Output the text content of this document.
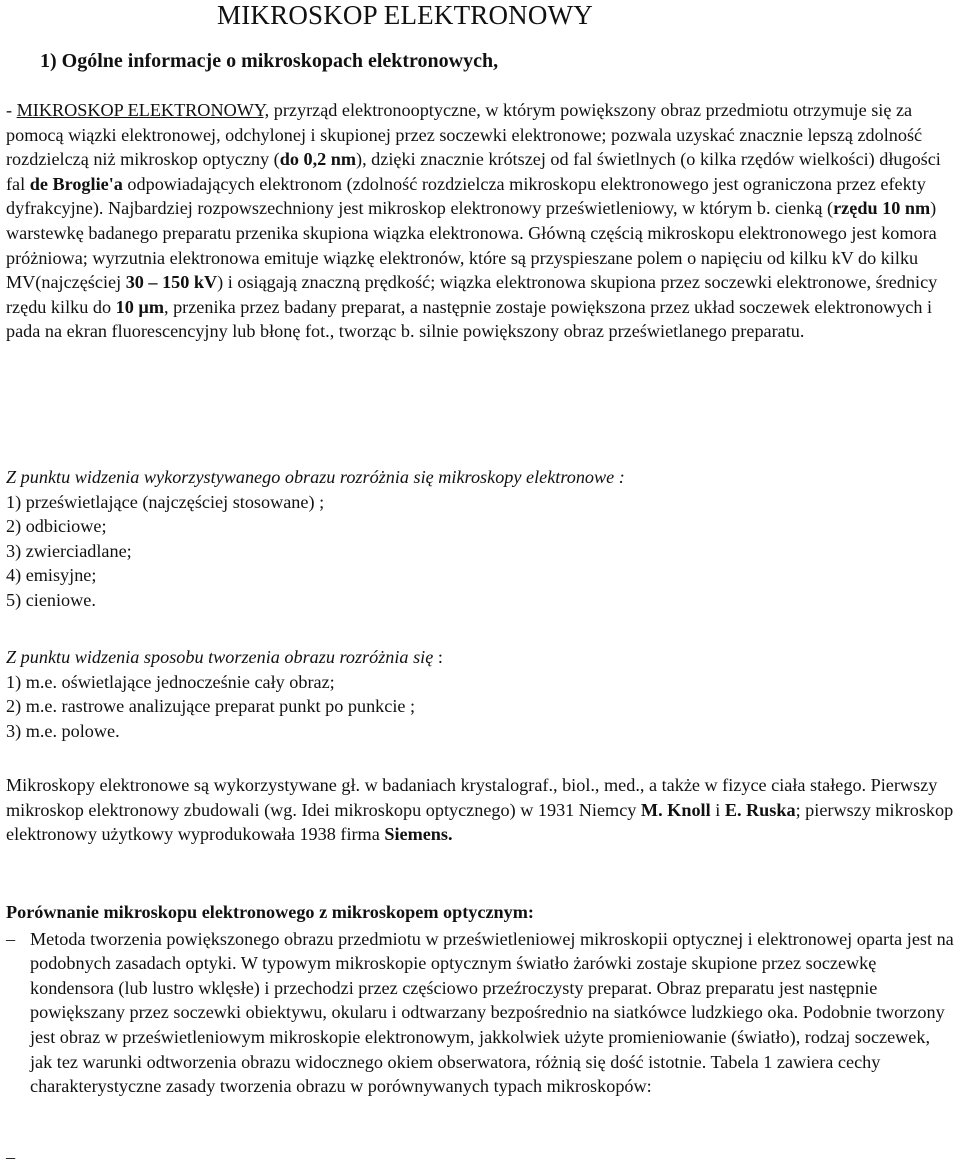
MIKROSKOP ELEKTRONOWY
1) Ogólne informacje o mikroskopach elektronowych,
- MIKROSKOP ELEKTRONOWY, przyrząd elektronooptyczne, w którym powiększony obraz przedmiotu otrzymuje się za pomocą wiązki elektronowej, odchylonej i skupionej przez soczewki elektronowe; pozwala uzyskać znacznie lepszą zdolność rozdzielczą niż mikroskop optyczny (do 0,2 nm), dzięki znacznie krótszej od fal świetlnych (o kilka rzędów wielkości) długości fal de Broglie'a odpowiadających elektronom (zdolność rozdzielcza mikroskopu elektronowego jest ograniczona przez efekty dyfrakcyjne). Najbardziej rozpowszechniony jest mikroskop elektronowy prześwietleniowy, w którym b. cienką (rzędu 10 nm) warstewkę badanego preparatu przenika skupiona wiązka elektronowa. Główną częścią mikroskopu elektronowego jest komora próżniowa; wyrzutnia elektronowa emituje wiązkę elektronów, które są przyspieszane polem o napięciu od kilku kV do kilku MV(najczęściej 30 – 150 kV) i osiągają znaczną prędkość; wiązka elektronowa skupiona przez soczewki elektronowe, średnicy rzędu kilku do 10 µm, przenika przez badany preparat, a następnie zostaje powiększona przez układ soczewek elektronowych i pada na ekran fluorescencyjny lub błonę fot., tworząc b. silnie powiększony obraz prześwietlanego preparatu.
Z punktu widzenia wykorzystywanego obrazu rozróżnia się mikroskopy elektronowe :
1) prześwietlające (najczęściej stosowane) ;
2) odbiciowe;
3) zwierciadlane;
4) emisyjne;
5) cieniowe.
Z punktu widzenia sposobu tworzenia obrazu rozróżnia się :
1) m.e. oświetlające jednocześnie cały obraz;
2) m.e. rastrowe analizujące preparat punkt po punkcie ;
3) m.e. polowe.
Mikroskopy elektronowe są wykorzystywane gł. w badaniach krystalograf., biol., med., a także w fizyce ciała stałego. Pierwszy mikroskop elektronowy zbudowali (wg. Idei mikroskopu optycznego) w 1931 Niemcy M. Knoll i E. Ruska; pierwszy mikroskop elektronowy użytkowy wyprodukowała 1938 firma Siemens.
Porównanie mikroskopu elektronowego z mikroskopem optycznym:
– Metoda tworzenia powiększonego obrazu przedmiotu w prześwietleniowej mikroskopii optycznej i elektronowej oparta jest na podobnych zasadach optyki. W typowym mikroskopie optycznym światło żarówki zostaje skupione przez soczewkę kondensora (lub lustro wklęsłe) i przechodzi przez częściowo przeźroczysty preparat. Obraz preparatu jest następnie powiększany przez soczewki obiektywu, okularu i odtwarzany bezpośrednio na siatkówce ludzkiego oka. Podobnie tworzony jest obraz w prześwietleniowym mikroskopie elektronowym, jakkolwiek użyte promieniowanie (światło), rodzaj soczewek, jak tez warunki odtworzenia obrazu widocznego okiem obserwatora, różnią się dość istotnie. Tabela 1 zawiera cechy charakterystyczne zasady tworzenia obrazu w porównywanych typach mikroskopów:
–
